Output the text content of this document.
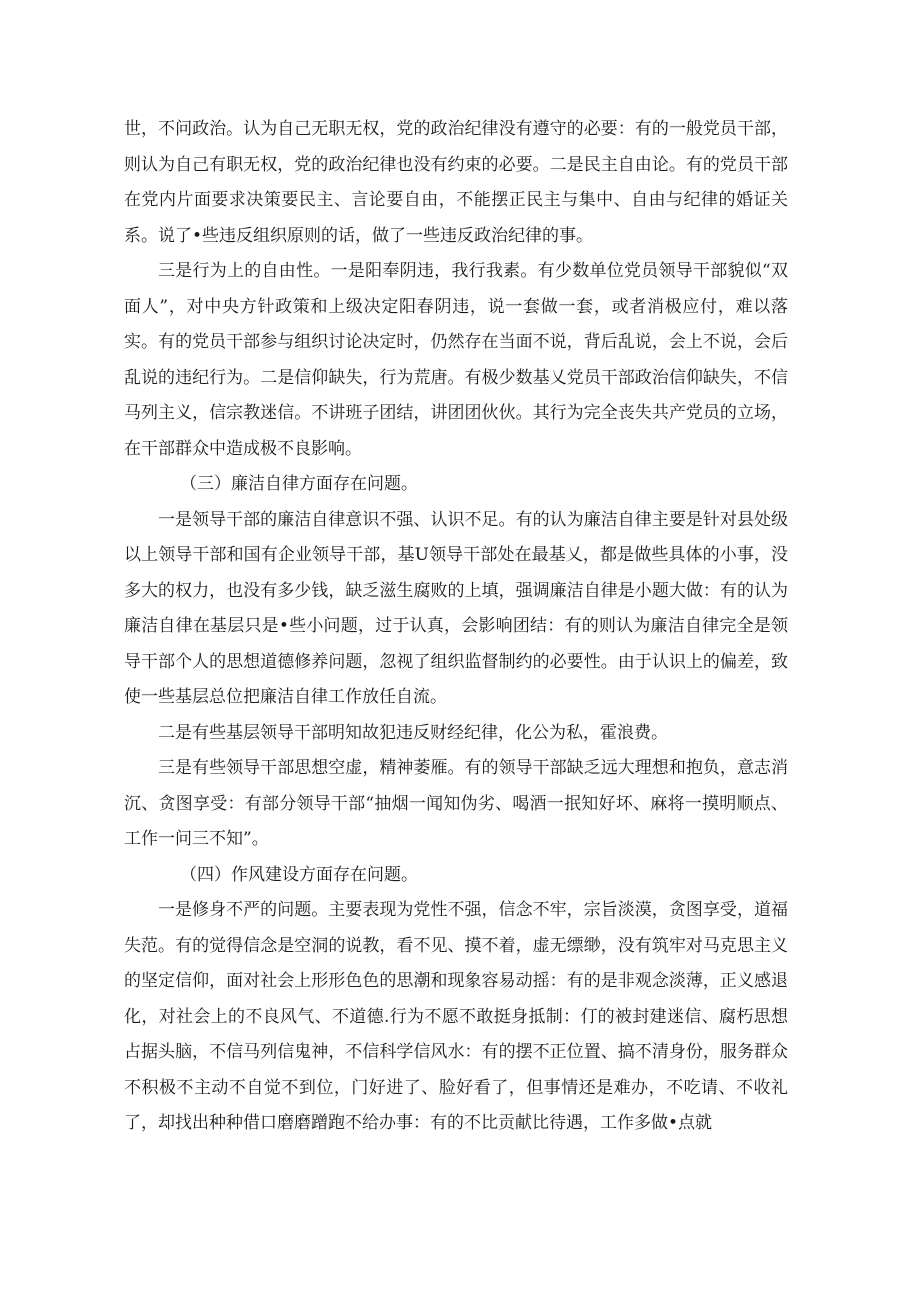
世，不问政治。认为自己无职无权，党的政治纪律没有遵守的必要：有的一般党员干部，则认为自己有职无权，党的政治纪律也没有约束的必要。二是民主自由论。有的党员干部在党内片面要求决策要民主、言论要自由，不能摆正民主与集中、自由与纪律的婚证关系。说了•些违反组织原则的话，做了一些违反政治纪律的事。

三是行为上的自由性。一是阳奉阴违，我行我素。有少数单位党员领导干部貌似“双面人”，对中央方针政策和上级决定阳春阴违，说一套做一套，或者消极应付，难以落实。有的党员干部参与组织讨论决定时，仍然存在当面不说，背后乱说，会上不说，会后乱说的违纪行为。二是信仰缺失，行为荒唐。有极少数基乂党员干部政治信仰缺失，不信马列主义，信宗教迷信。不讲班子团结，讲团团伙伙。其行为完全丧失共产党员的立场，在干部群众中造成极不良影响。

（三）廉洁自律方面存在问题。

一是领导干部的廉洁自律意识不强、认识不足。有的认为廉洁自律主要是针对县处级以上领导干部和国有企业领导干部，基U领导干部处在最基乂，都是做些具体的小事，没多大的权力，也没有多少钱，缺乏滋生腐败的上填，强调廉洁自律是小题大做：有的认为廉洁自律在基层只是•些小问题，过于认真，会影响团结：有的则认为廉洁自律完全是领导干部个人的思想道德修养问题，忽视了组织监督制约的必要性。由于认识上的偏差，致使一些基层总位把廉洁自律工作放任自流。

二是有些基层领导干部明知故犯违反财经纪律，化公为私，霍浪费。

三是有些领导干部思想空虚，精神萎雁。有的领导干部缺乏远大理想和抱负，意志消沉、贪图享受：有部分领导干部“抽烟一闻知伪劣、喝酒一抿知好坏、麻将一摸明顺点、工作一问三不知”。

（四）作风建设方面存在问题。

一是修身不严的问题。主要表现为党性不强，信念不牢，宗旨淡漠，贪图享受，道福失范。有的觉得信念是空洞的说教，看不见、摸不着，虚无缥缈，没有筑牢对马克思主义的坚定信仰，面对社会上形形色色的思潮和现象容易动摇：有的是非观念淡薄，正义感退化，对社会上的不良风气、不道德.行为不愿不敢挺身抵制：仃的被封建迷信、腐朽思想占据头脑，不信马列信鬼神，不信科学信风水：有的摆不正位置、搞不清身份，服务群众不积极不主动不自觉不到位，门好进了、脸好看了，但事情还是难办，不吃请、不收礼了，却找出种种借口磨磨蹭跑不给办事：有的不比贡献比待遇，工作多做•点就
